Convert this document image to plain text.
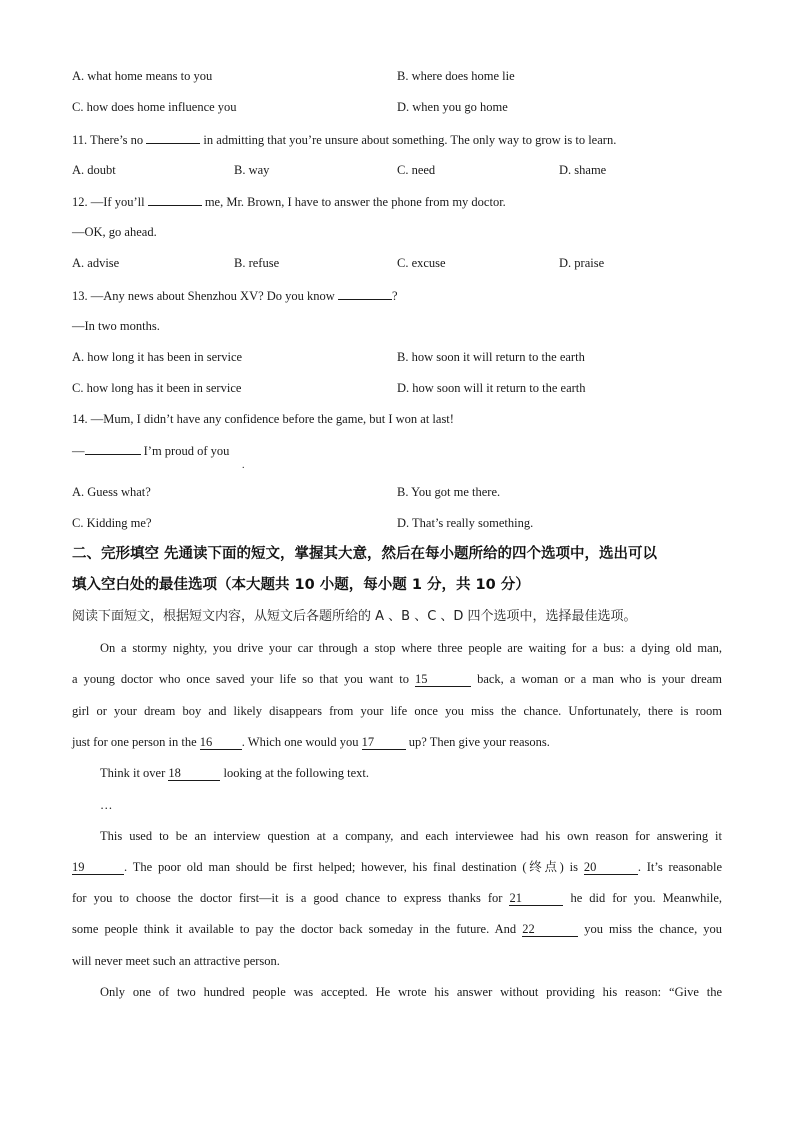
A. what home means to you	B. where does home lie
C. how does home influence you	D. when you go home
11. There’s no	in admitting that you’re unsure about something. The only way to grow is to learn.
A. doubt	B. way	C. need	D. shame
12. —If you’ll	me, Mr. Brown, I have to answer the phone from my doctor.
—OK, go ahead.
A. advise	B. refuse	C. excuse	D. praise
13. —Any news about Shenzhou XV? Do you know	?
—In two months.
A. how long it has been in service	B. how soon it will return to the earth
C. how long has it been in service	D. how soon will it return to the earth
14. —Mum, I didn’t have any confidence before the game, but I won at last!
—	I’m proud of you
.
A. Guess what?	B. You got me there.
C. Kidding me?	D. That’s really something.
二、完形填空 先通读下面的短文，掌握其大意，然后在每小题所给的四个选项中，选出可以
填入空白处的最佳选项（本大题共 10 小题，每小题 1 分，共 10 分）
阅读下面短文，根据短文内容，从短文后各题所给的 A 、B 、C 、D 四个选项中，选择最佳选项。
On a stormy nighty, you drive your car through a stop where three people are waiting for a bus: a dying old man,
a young doctor who once saved your life so that you want to 15	back, a woman or a man who is your dream
girl or your dream boy and likely disappears from your life once you miss the chance. Unfortunately, there is room
just for one person in the 16 . Which one would you 17	up? Then give your reasons.
Think it over 18	looking at the following text.
…
This used to be an interview question at a company, and each interviewee had his own reason for answering it
19	. The poor old man should be first helped; however, his final destination (终点) is 20	. It’s reasonable
for you to choose the doctor first—it is a good chance to express thanks for 21	he did for you. Meanwhile,
some people think it available to pay the doctor back someday in the future. And 22	you miss the chance, you
will never meet such an attractive person.
Only one of two hundred people was accepted. He wrote his answer without providing his reason: “Give the
